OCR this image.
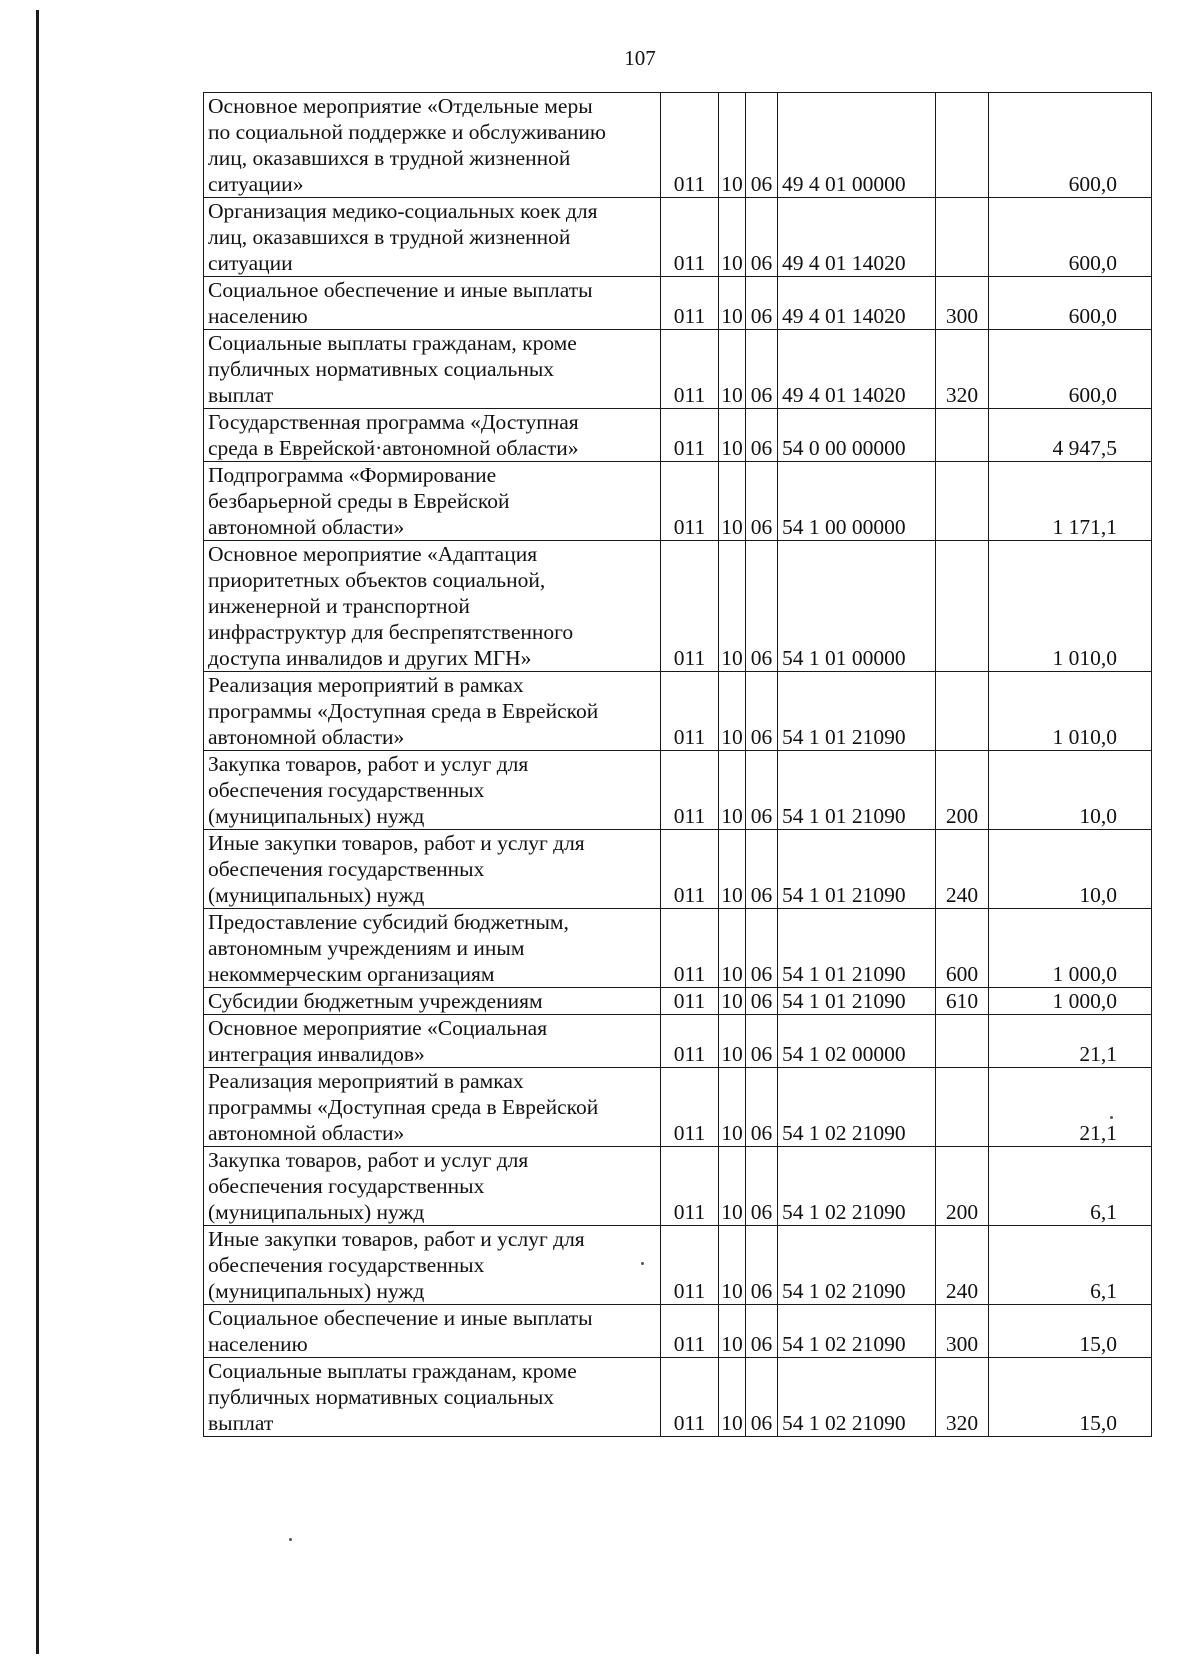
107
Основное мероприятие «Отдельные меры
по социальной поддержке и обслуживанию
лиц, оказавшихся в трудной жизненной
ситуации»	011	10	06	49 4 01 00000		600,0
Организация медико-социальных коек для
лиц, оказавшихся в трудной жизненной
ситуации	011	10	06	49 4 01 14020		600,0
Социальное обеспечение и иные выплаты
населению	011	10	06	49 4 01 14020	300	600,0
Социальные выплаты гражданам, кроме
публичных нормативных социальных
выплат	011	10	06	49 4 01 14020	320	600,0
Государственная программа «Доступная
среда в Еврейской·автономной области»	011	10	06	54 0 00 00000		4 947,5
Подпрограмма «Формирование
безбарьерной среды в Еврейской
автономной области»	011	10	06	54 1 00 00000		1 171,1
Основное мероприятие «Адаптация
приоритетных объектов социальной,
инженерной и транспортной
инфраструктур для беспрепятственного
доступа инвалидов и других МГН»	011	10	06	54 1 01 00000		1 010,0
Реализация мероприятий в рамках
программы «Доступная среда в Еврейской
автономной области»	011	10	06	54 1 01 21090		1 010,0
Закупка товаров, работ и услуг для
обеспечения государственных
(муниципальных) нужд	011	10	06	54 1 01 21090	200	10,0
Иные закупки товаров, работ и услуг для
обеспечения государственных
(муниципальных) нужд	011	10	06	54 1 01 21090	240	10,0
Предоставление субсидий бюджетным,
автономным учреждениям и иным
некоммерческим организациям	011	10	06	54 1 01 21090	600	1 000,0
Субсидии бюджетным учреждениям	011	10	06	54 1 01 21090	610	1 000,0
Основное мероприятие «Социальная
интеграция инвалидов»	011	10	06	54 1 02 00000		21,1
Реализация мероприятий в рамках
программы «Доступная среда в Еврейской
автономной области»	011	10	06	54 1 02 21090		21,1
Закупка товаров, работ и услуг для
обеспечения государственных
(муниципальных) нужд	011	10	06	54 1 02 21090	200	6,1
Иные закупки товаров, работ и услуг для
обеспечения государственных
(муниципальных) нужд	011	10	06	54 1 02 21090	240	6,1
Социальное обеспечение и иные выплаты
населению	011	10	06	54 1 02 21090	300	15,0
Социальные выплаты гражданам, кроме
публичных нормативных социальных
выплат	011	10	06	54 1 02 21090	320	15,0
